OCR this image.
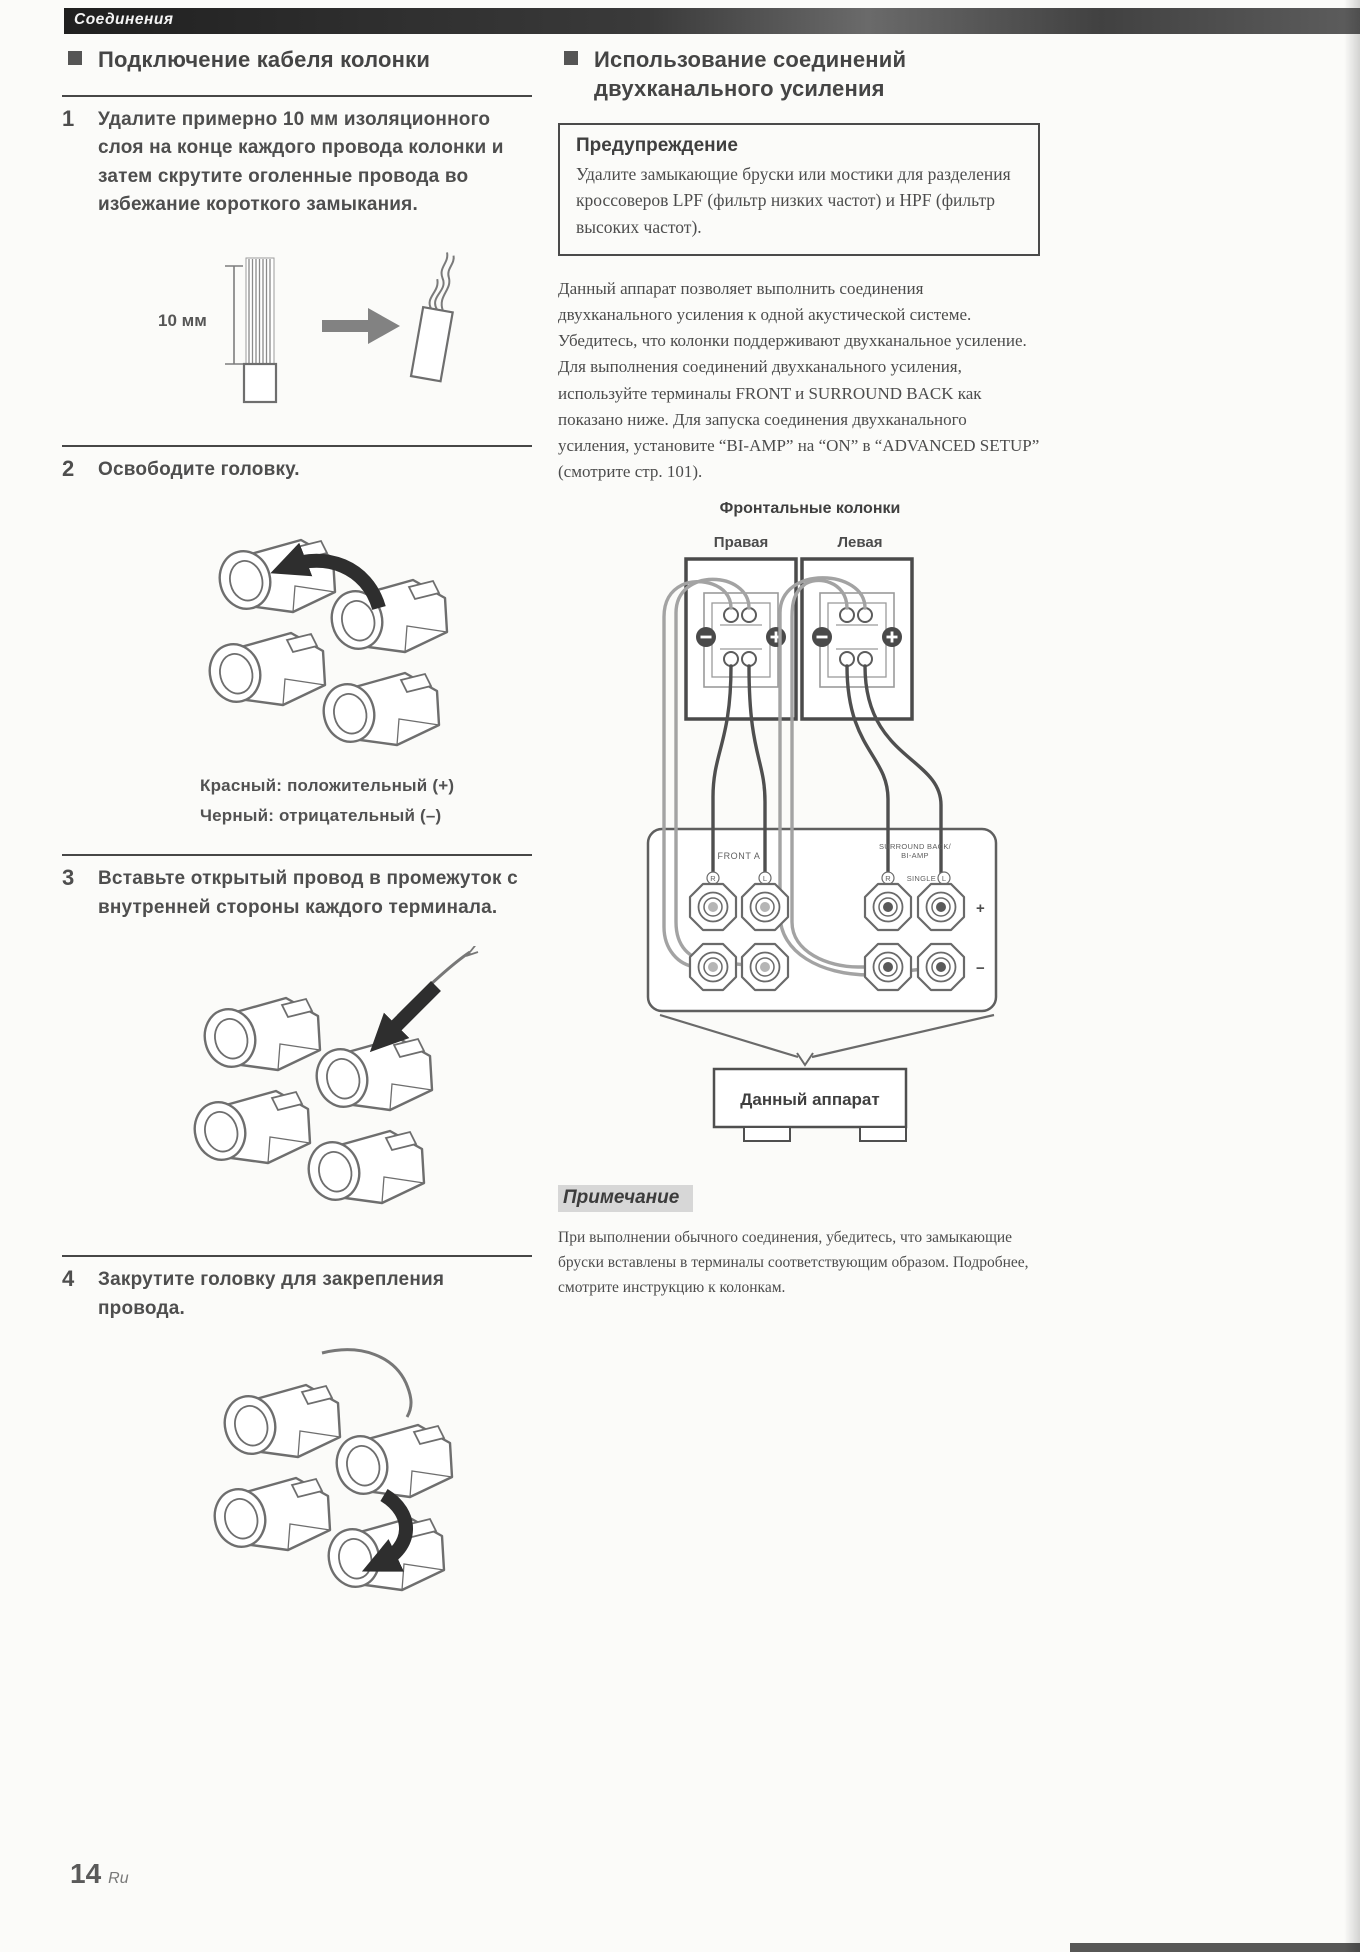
Соединения
Подключение кабеля колонки
1	Удалите примерно 10 мм изоляционного слоя на конце каждого провода колонки и затем скрутите оголенные провода во избежание короткого замыкания.
10 мм
2	Освободите головку.

Красный: положительный (+)

Черный: отрицательный (–)

3	Вставьте открытый провод в промежуток с внутренней стороны каждого терминала.
4	Закрутите головку для закрепления провода.
Использование соединений
двухканального усиления

Предупреждение

Удалите замыкающие бруски или мостики для разделения кроссоверов LPF (фильтр низких частот) и HPF (фильтр высоких частот).

Данный аппарат позволяет выполнить соединения двухканального усиления к одной акустической системе. Убедитесь, что колонки поддерживают двухканальное усиление. Для выполнения соединений двухканального усиления, используйте терминалы FRONT и SURROUND BACK как показано ниже. Для запуска соединения двухканального усиления, установите “BI-AMP” на “ON” в “ADVANCED SETUP” (смотрите стр. 101).

Фронтальные колонки
Правая	Левая
FRONT A
R	L
SURROUND BACK/
BI-AMP
R SINGLE L
+
−
Данный аппарат

Примечание

При выполнении обычного соединения, убедитесь, что замыкающие бруски вставлены в терминалы соответствующим образом. Подробнее, смотрите инструкцию к колонкам.

14 Ru
